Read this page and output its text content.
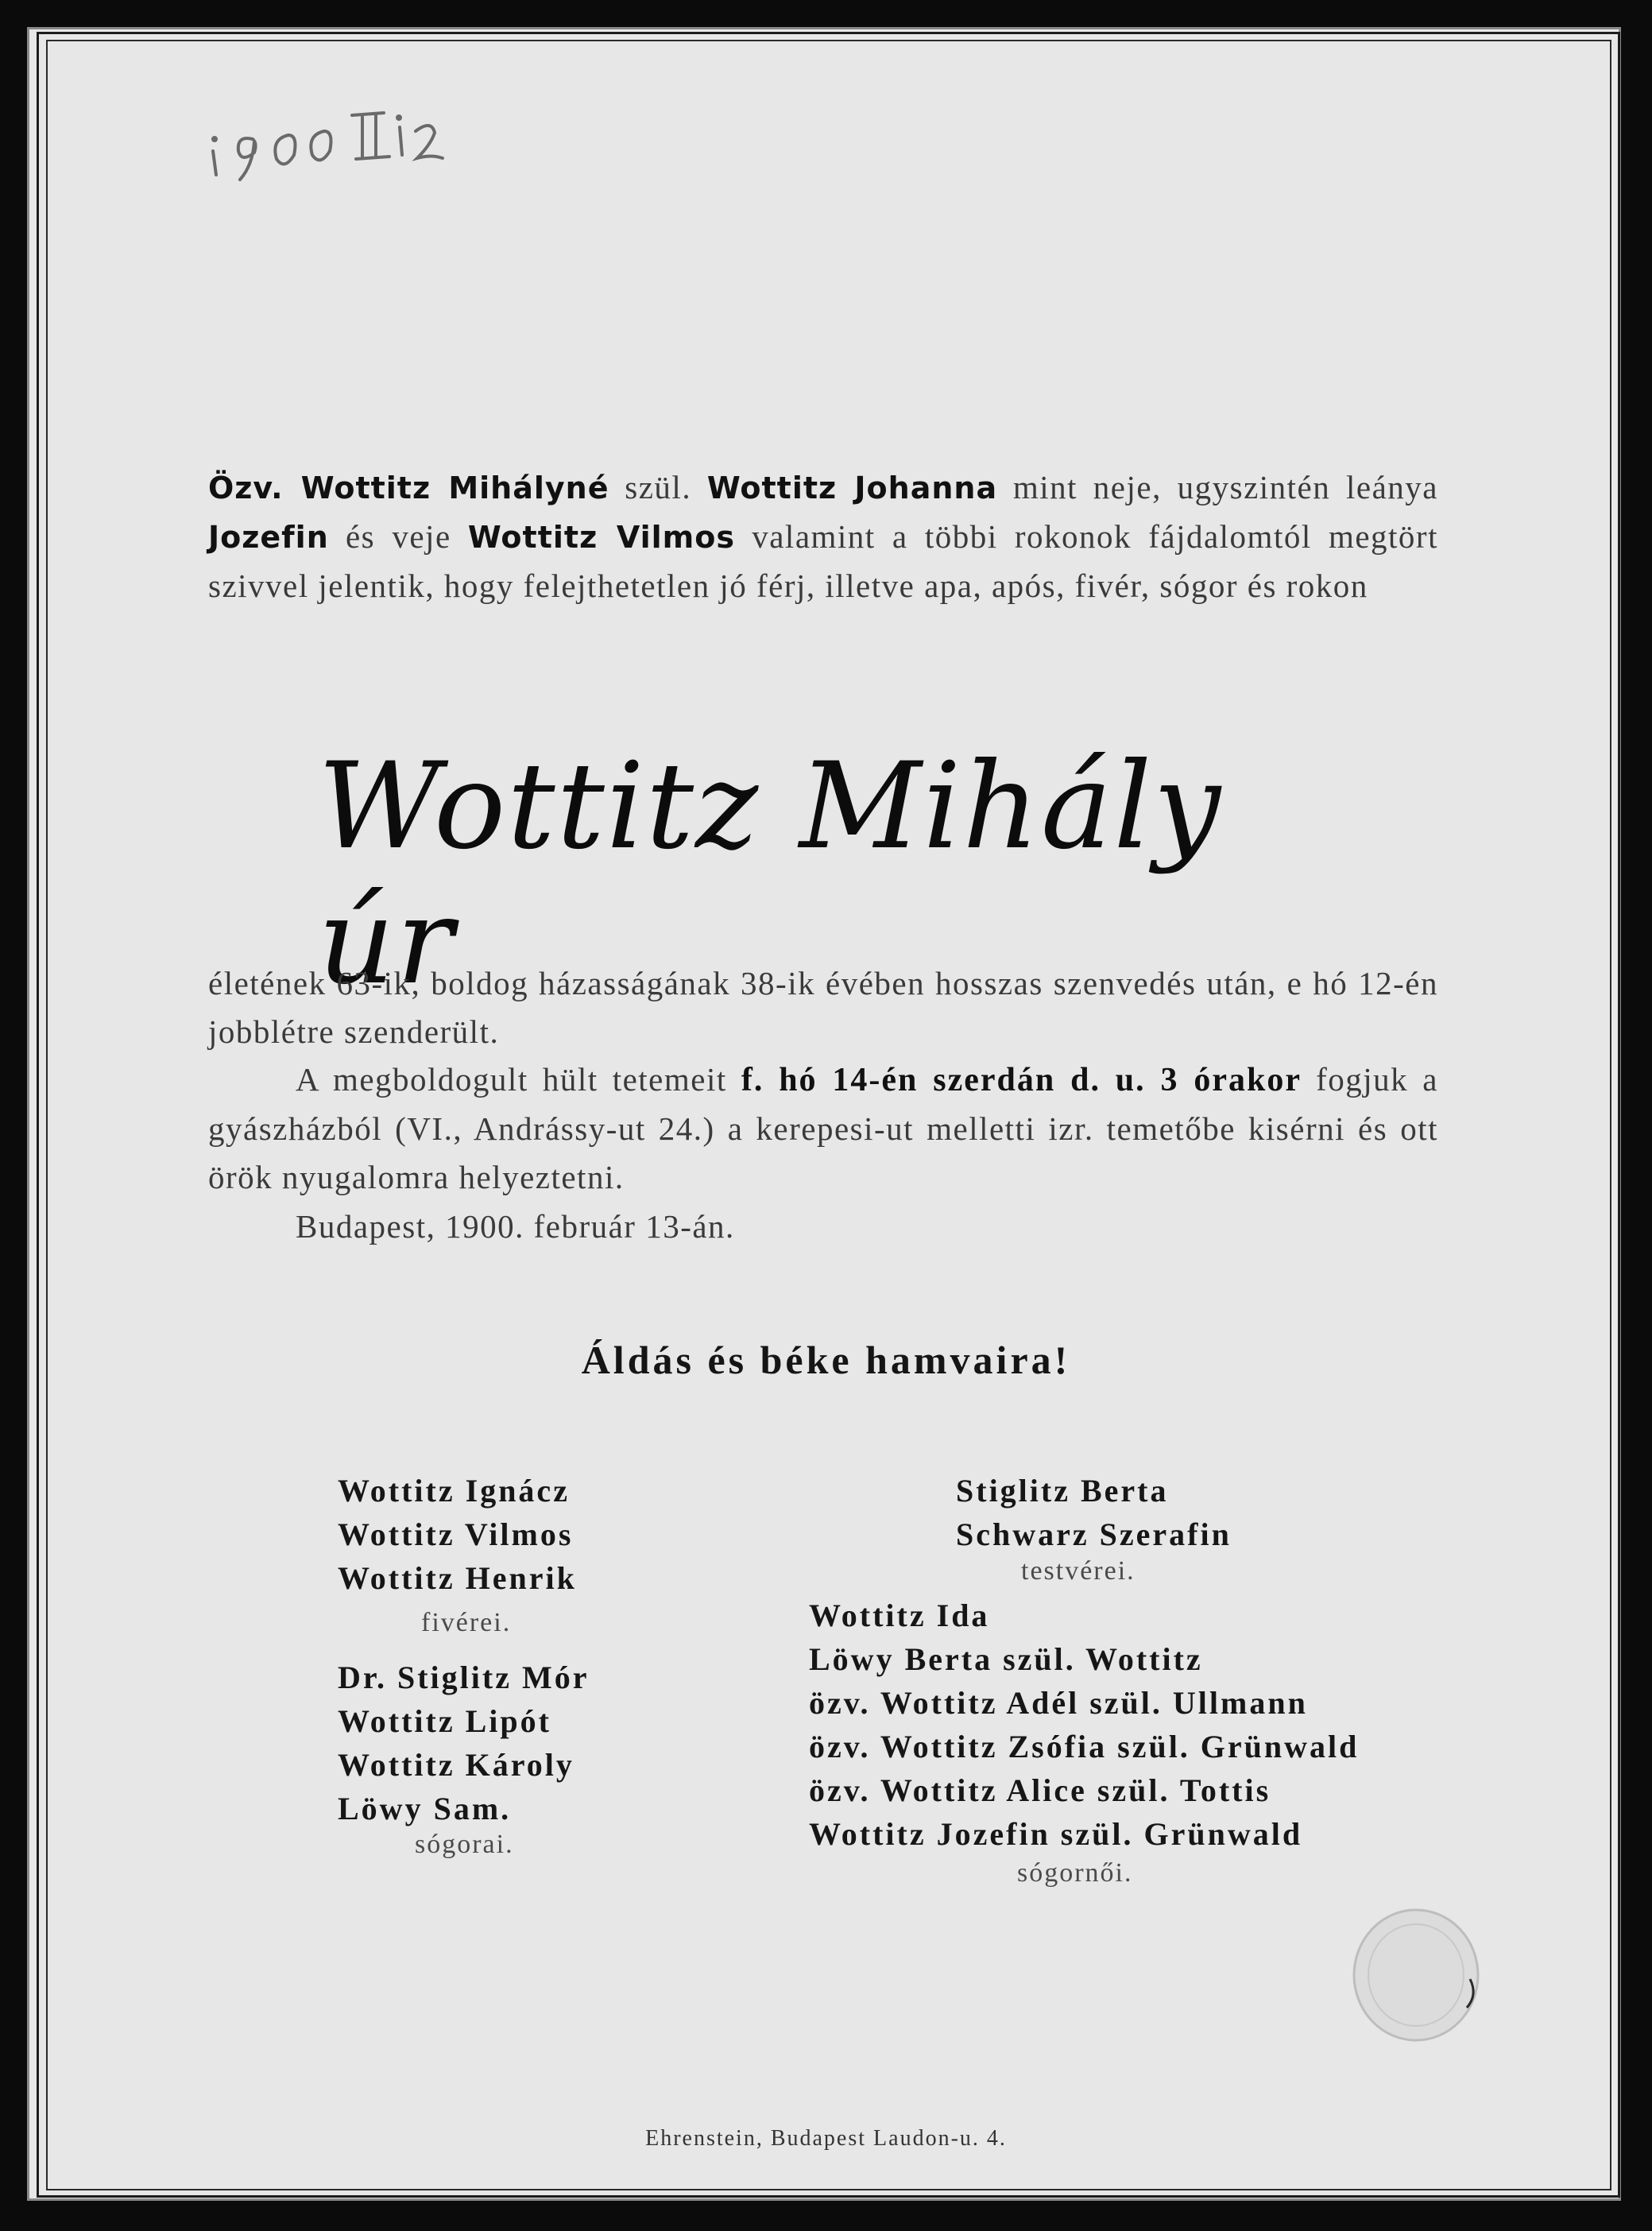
Özv. Wottitz Mihályné szül. Wottitz Johanna mint neje, ugyszintén leánya Jozefin és veje Wottitz Vilmos valamint a többi rokonok fájdalomtól megtört szivvel jelentik, hogy felejthetetlen jó férj, illetve apa, após, fivér, sógor és rokon
Wottitz Mihály úr
életének 63-ik, boldog házasságának 38-ik évében hosszas szenvedés után, e hó 12-én jobblétre szenderült.
A megboldogult hült tetemeit f. hó 14-én szerdán d. u. 3 órakor fogjuk a gyászházból (VI., Andrássy-ut 24.) a kerepesi-ut melletti izr. temetőbe kisérni és ott örök nyugalomra helyeztetni.
Budapest, 1900. február 13-án.
Áldás és béke hamvaira!
Wottitz Ignácz
Wottitz Vilmos
Wottitz Henrik
fivérei.
Dr. Stiglitz Mór
Wottitz Lipót
Wottitz Károly
Löwy Sam.
sógorai.
Stiglitz Berta
Schwarz Szerafin
testvérei.
Wottitz Ida
Löwy Berta szül. Wottitz
özv. Wottitz Adél szül. Ullmann
özv. Wottitz Zsófia szül. Grünwald
özv. Wottitz Alice szül. Tottis
Wottitz Jozefin szül. Grünwald
sógornői.
Ehrenstein, Budapest Laudon-u. 4.
